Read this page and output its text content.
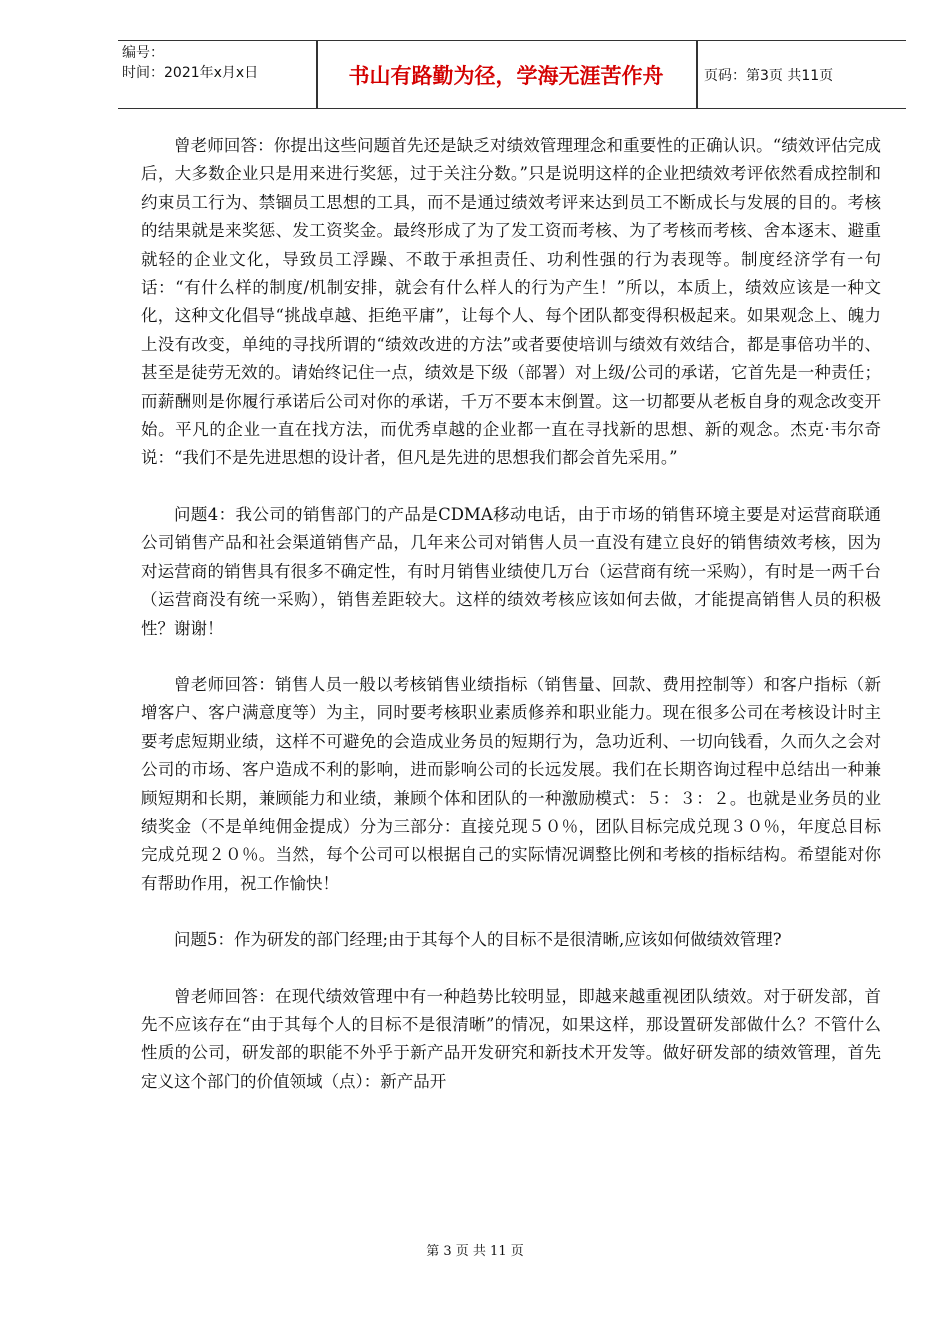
编号：
时间：2021年x月x日	书山有路勤为径，学海无涯苦作舟	页码：第3页 共11页

曾老师回答：你提出这些问题首先还是缺乏对绩效管理理念和重要性的正确认识。“绩效评估完成后，大多数企业只是用来进行奖惩，过于关注分数。”只是说明这样的企业把绩效考评依然看成控制和约束员工行为、禁锢员工思想的工具，而不是通过绩效考评来达到员工不断成长与发展的目的。考核的结果就是来奖惩、发工资奖金。最终形成了为了发工资而考核、为了考核而考核、舍本逐末、避重就轻的企业文化，导致员工浮躁、不敢于承担责任、功利性强的行为表现等。制度经济学有一句话：“有什么样的制度/机制安排，就会有什么样人的行为产生！”所以，本质上，绩效应该是一种文化，这种文化倡导“挑战卓越、拒绝平庸”，让每个人、每个团队都变得积极起来。如果观念上、魄力上没有改变，单纯的寻找所谓的“绩效改进的方法”或者要使培训与绩效有效结合，都是事倍功半的、甚至是徒劳无效的。请始终记住一点，绩效是下级（部署）对上级/公司的承诺，它首先是一种责任；而薪酬则是你履行承诺后公司对你的承诺，千万不要本末倒置。这一切都要从老板自身的观念改变开始。平凡的企业一直在找方法，而优秀卓越的企业都一直在寻找新的思想、新的观念。杰克·韦尔奇说：“我们不是先进思想的设计者，但凡是先进的思想我们都会首先采用。”

问题4：我公司的销售部门的产品是CDMA移动电话，由于市场的销售环境主要是对运营商联通公司销售产品和社会渠道销售产品，几年来公司对销售人员一直没有建立良好的销售绩效考核，因为对运营商的销售具有很多不确定性，有时月销售业绩使几万台（运营商有统一采购），有时是一两千台（运营商没有统一采购），销售差距较大。这样的绩效考核应该如何去做，才能提高销售人员的积极性？谢谢！

曾老师回答：销售人员一般以考核销售业绩指标（销售量、回款、费用控制等）和客户指标（新增客户、客户满意度等）为主，同时要考核职业素质修养和职业能力。现在很多公司在考核设计时主要考虑短期业绩，这样不可避免的会造成业务员的短期行为，急功近利、一切向钱看，久而久之会对公司的市场、客户造成不利的影响，进而影响公司的长远发展。我们在长期咨询过程中总结出一种兼顾短期和长期，兼顾能力和业绩，兼顾个体和团队的一种激励模式：５：３：２。也就是业务员的业绩奖金（不是单纯佣金提成）分为三部分：直接兑现５０％，团队目标完成兑现３０％，年度总目标完成兑现２０％。当然，每个公司可以根据自己的实际情况调整比例和考核的指标结构。希望能对你有帮助作用，祝工作愉快！

问题5：作为研发的部门经理;由于其每个人的目标不是很清晰,应该如何做绩效管理?

曾老师回答：在现代绩效管理中有一种趋势比较明显，即越来越重视团队绩效。对于研发部，首先不应该存在“由于其每个人的目标不是很清晰”的情况，如果这样，那设置研发部做什么？不管什么性质的公司，研发部的职能不外乎于新产品开发研究和新技术开发等。做好研发部的绩效管理，首先定义这个部门的价值领域（点）：新产品开

第 3 页 共 11 页
